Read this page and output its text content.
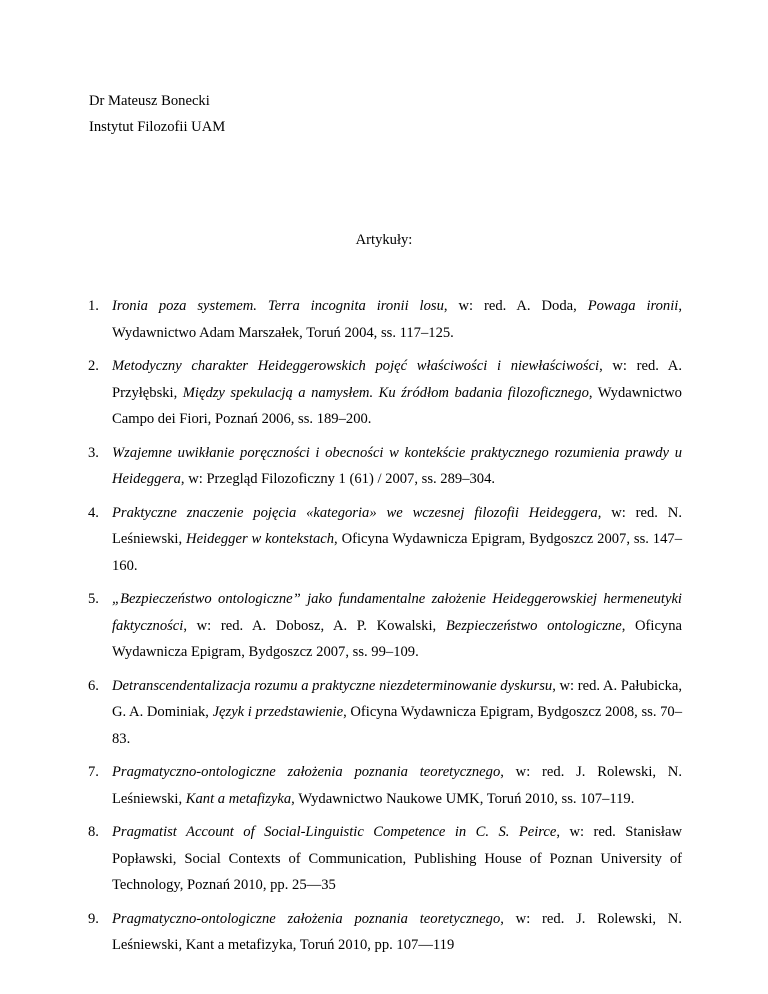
Dr Mateusz Bonecki
Instytut Filozofii UAM
Artykuły:
1. Ironia poza systemem. Terra incognita ironii losu, w: red. A. Doda, Powaga ironii, Wydawnictwo Adam Marszałek, Toruń 2004, ss. 117–125.
2. Metodyczny charakter Heideggerowskich pojęć właściwości i niewłaściwości, w: red. A. Przyłębski, Między spekulacją a namysłem. Ku źródłom badania filozoficznego, Wydawnictwo Campo dei Fiori, Poznań 2006, ss. 189–200.
3. Wzajemne uwikłanie poręczności i obecności w kontekście praktycznego rozumienia prawdy u Heideggera, w: Przegląd Filozoficzny 1 (61) / 2007, ss. 289–304.
4. Praktyczne znaczenie pojęcia «kategoria» we wczesnej filozofii Heideggera, w: red. N. Leśniewski, Heidegger w kontekstach, Oficyna Wydawnicza Epigram, Bydgoszcz 2007, ss. 147–160.
5. „Bezpieczeństwo ontologiczne” jako fundamentalne założenie Heideggerowskiej hermeneutyki faktyczności, w: red. A. Dobosz, A. P. Kowalski, Bezpieczeństwo ontologiczne, Oficyna Wydawnicza Epigram, Bydgoszcz 2007, ss. 99–109.
6. Detranscendentalizacja rozumu a praktyczne niezdeterminowanie dyskursu, w: red. A. Pałubicka, G. A. Dominiak, Język i przedstawienie, Oficyna Wydawnicza Epigram, Bydgoszcz 2008, ss. 70–83.
7. Pragmatyczno-ontologiczne założenia poznania teoretycznego, w: red. J. Rolewski, N. Leśniewski, Kant a metafizyka, Wydawnictwo Naukowe UMK, Toruń 2010, ss. 107–119.
8. Pragmatist Account of Social-Linguistic Competence in C. S. Peirce, w: red. Stanisław Popławski, Social Contexts of Communication, Publishing House of Poznan University of Technology, Poznań 2010, pp. 25—35
9. Pragmatyczno-ontologiczne założenia poznania teoretycznego, w: red. J. Rolewski, N. Leśniewski, Kant a metafizyka, Toruń 2010, pp. 107—119
